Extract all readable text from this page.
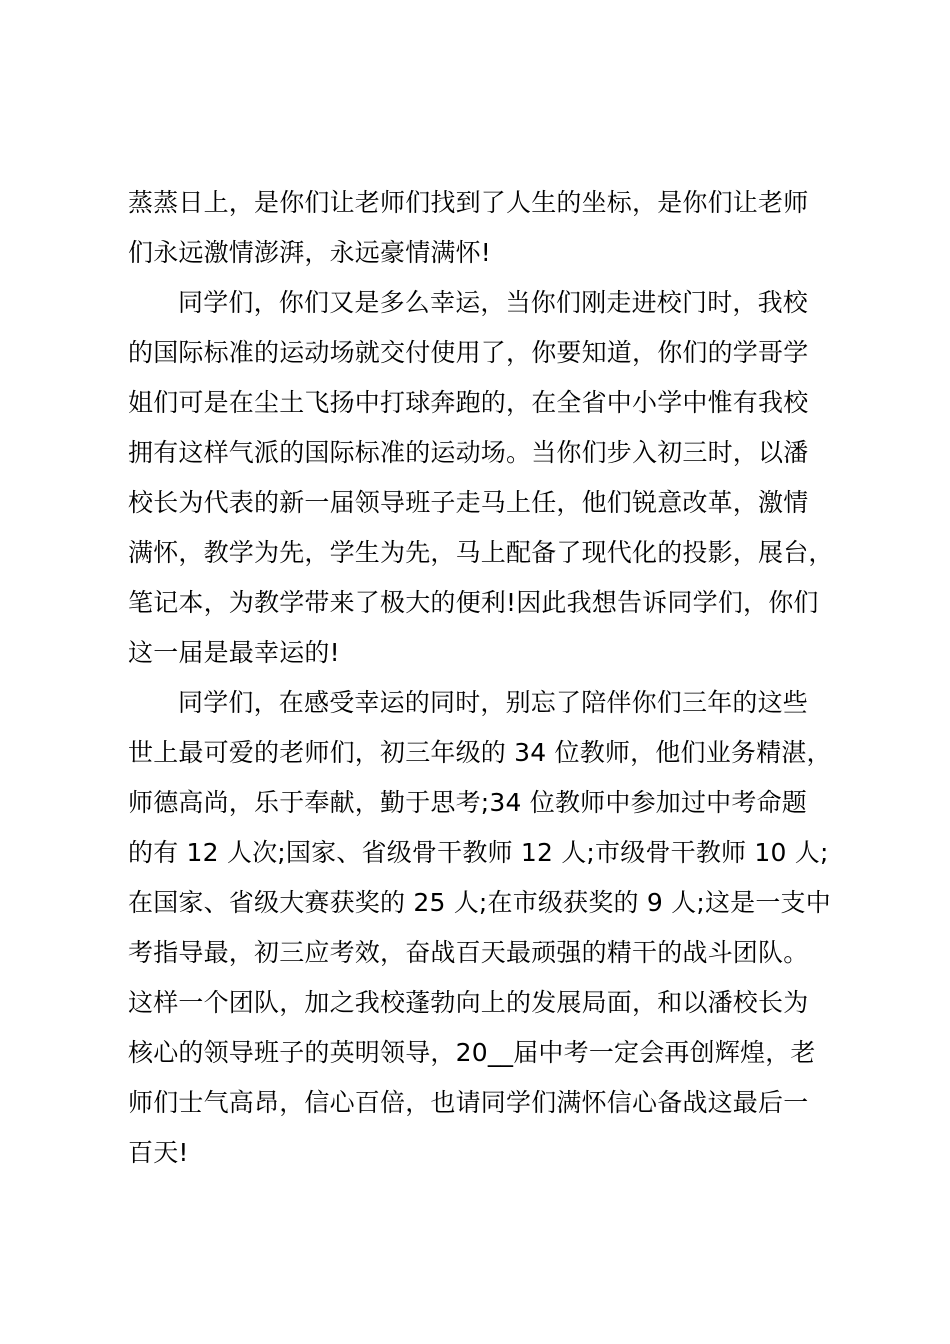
蒸蒸日上，是你们让老师们找到了人生的坐标，是你们让老师
们永远激情澎湃，永远豪情满怀!
同学们，你们又是多么幸运，当你们刚走进校门时，我校
的国际标准的运动场就交付使用了，你要知道，你们的学哥学
姐们可是在尘土飞扬中打球奔跑的，在全省中小学中惟有我校
拥有这样气派的国际标准的运动场。当你们步入初三时，以潘
校长为代表的新一届领导班子走马上任，他们锐意改革，激情
满怀，教学为先，学生为先，马上配备了现代化的投影，展台，
笔记本，为教学带来了极大的便利!因此我想告诉同学们，你们
这一届是最幸运的!
同学们，在感受幸运的同时，别忘了陪伴你们三年的这些
世上最可爱的老师们，初三年级的 34 位教师，他们业务精湛，
师德高尚，乐于奉献，勤于思考;34 位教师中参加过中考命题
的有 12 人次;国家、省级骨干教师 12 人;市级骨干教师 10 人;
在国家、省级大赛获奖的 25 人;在市级获奖的 9 人;这是一支中
考指导最，初三应考效，奋战百天最顽强的精干的战斗团队。
这样一个团队，加之我校蓬勃向上的发展局面，和以潘校长为
核心的领导班子的英明领导，20__届中考一定会再创辉煌，老
师们士气高昂，信心百倍，也请同学们满怀信心备战这最后一
百天!
